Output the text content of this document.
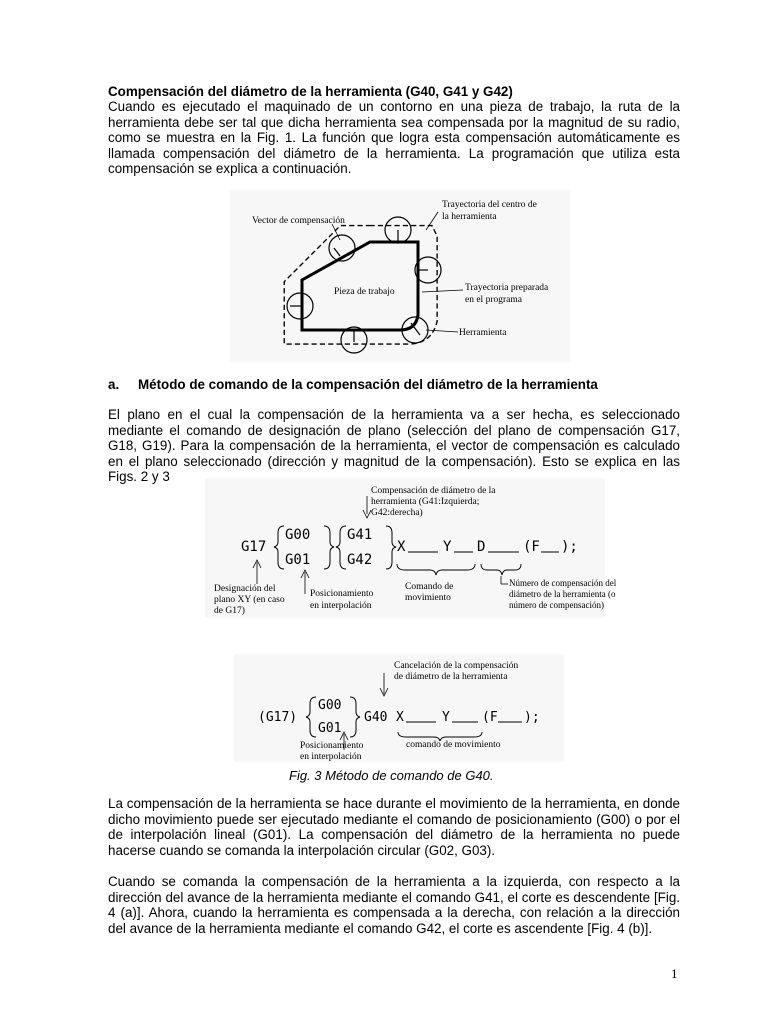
Compensación del diámetro de la herramienta (G40, G41 y G42)
Cuando es ejecutado el maquinado de un contorno en una pieza de trabajo, la ruta de la herramienta debe ser tal que dicha herramienta sea compensada por la magnitud de su radio, como se muestra en la Fig. 1. La función que logra esta compensación automáticamente es llamada compensación del diámetro de la herramienta. La programación que utiliza esta compensación se explica a continuación.
Vector de compensación
Trayectoria del centro de
la herramienta
Pieza de trabajo	Trayectoria preparada
en el programa
Herramienta
a. Método de comando de la compensación del diámetro de la herramienta
El plano en el cual la compensación de la herramienta va a ser hecha, es seleccionado mediante el comando de designación de plano (selección del plano de compensación G17, G18, G19). Para la compensación de la herramienta, el vector de compensación es calculado en el plano seleccionado (dirección y magnitud de la compensación). Esto se explica en las Figs. 2 y 3
Compensación de diámetro de la
herramienta (G41:Izquierda;
G42:derecha)
G17
G00
G01
G41
G42
X	Y D	(F );
Designación del
plano XY (en caso
de G17)
Posicionamiento
en interpolación
Comando de
movimiento
Número de compensación del
diámetro de la herramienta (o
número de compensación)
Cancelación de la compensación
de diámetro de la herramienta
(G17)
G00
G01
G40 X	Y (F );
Posicionamiento
en interpolación
comando de movimiento
Fig. 3 Método de comando de G40.
La compensación de la herramienta se hace durante el movimiento de la herramienta, en donde dicho movimiento puede ser ejecutado mediante el comando de posicionamiento (G00) o por el de interpolación lineal (G01). La compensación del diámetro de la herramienta no puede hacerse cuando se comanda la interpolación circular (G02, G03).
Cuando se comanda la compensación de la herramienta a la izquierda, con respecto a la dirección del avance de la herramienta mediante el comando G41, el corte es descendente [Fig. 4 (a)]. Ahora, cuando la herramienta es compensada a la derecha, con relación a la dirección del avance de la herramienta mediante el comando G42, el corte es ascendente [Fig. 4 (b)].
1
